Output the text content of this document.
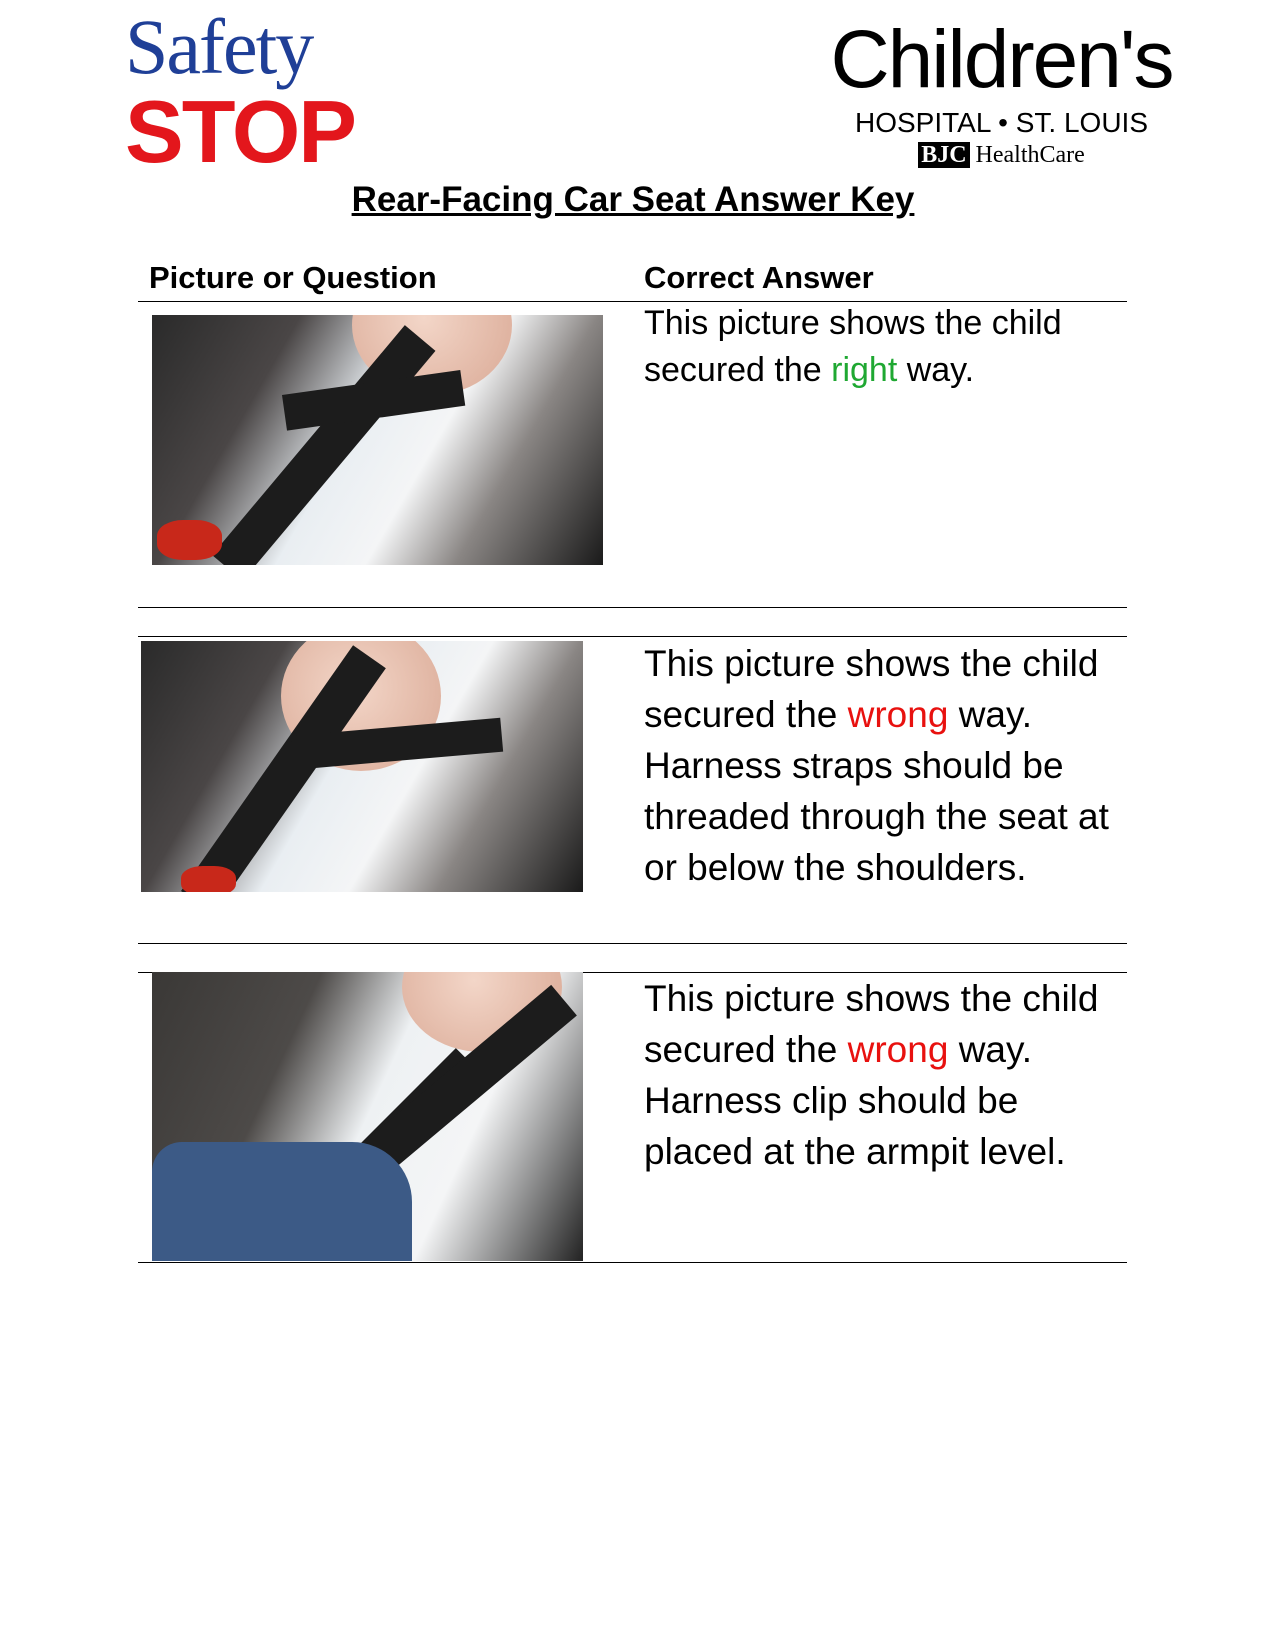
Safety
STOP
Children's
HOSPITAL • ST. LOUIS
BJC HealthCare
Rear-Facing Car Seat Answer Key
Picture or Question	Correct Answer
This picture shows the child secured the right way.
This picture shows the child secured the wrong way. Harness straps should be threaded through the seat at or below the shoulders.
This picture shows the child secured the wrong way. Harness clip should be placed at the armpit level.
